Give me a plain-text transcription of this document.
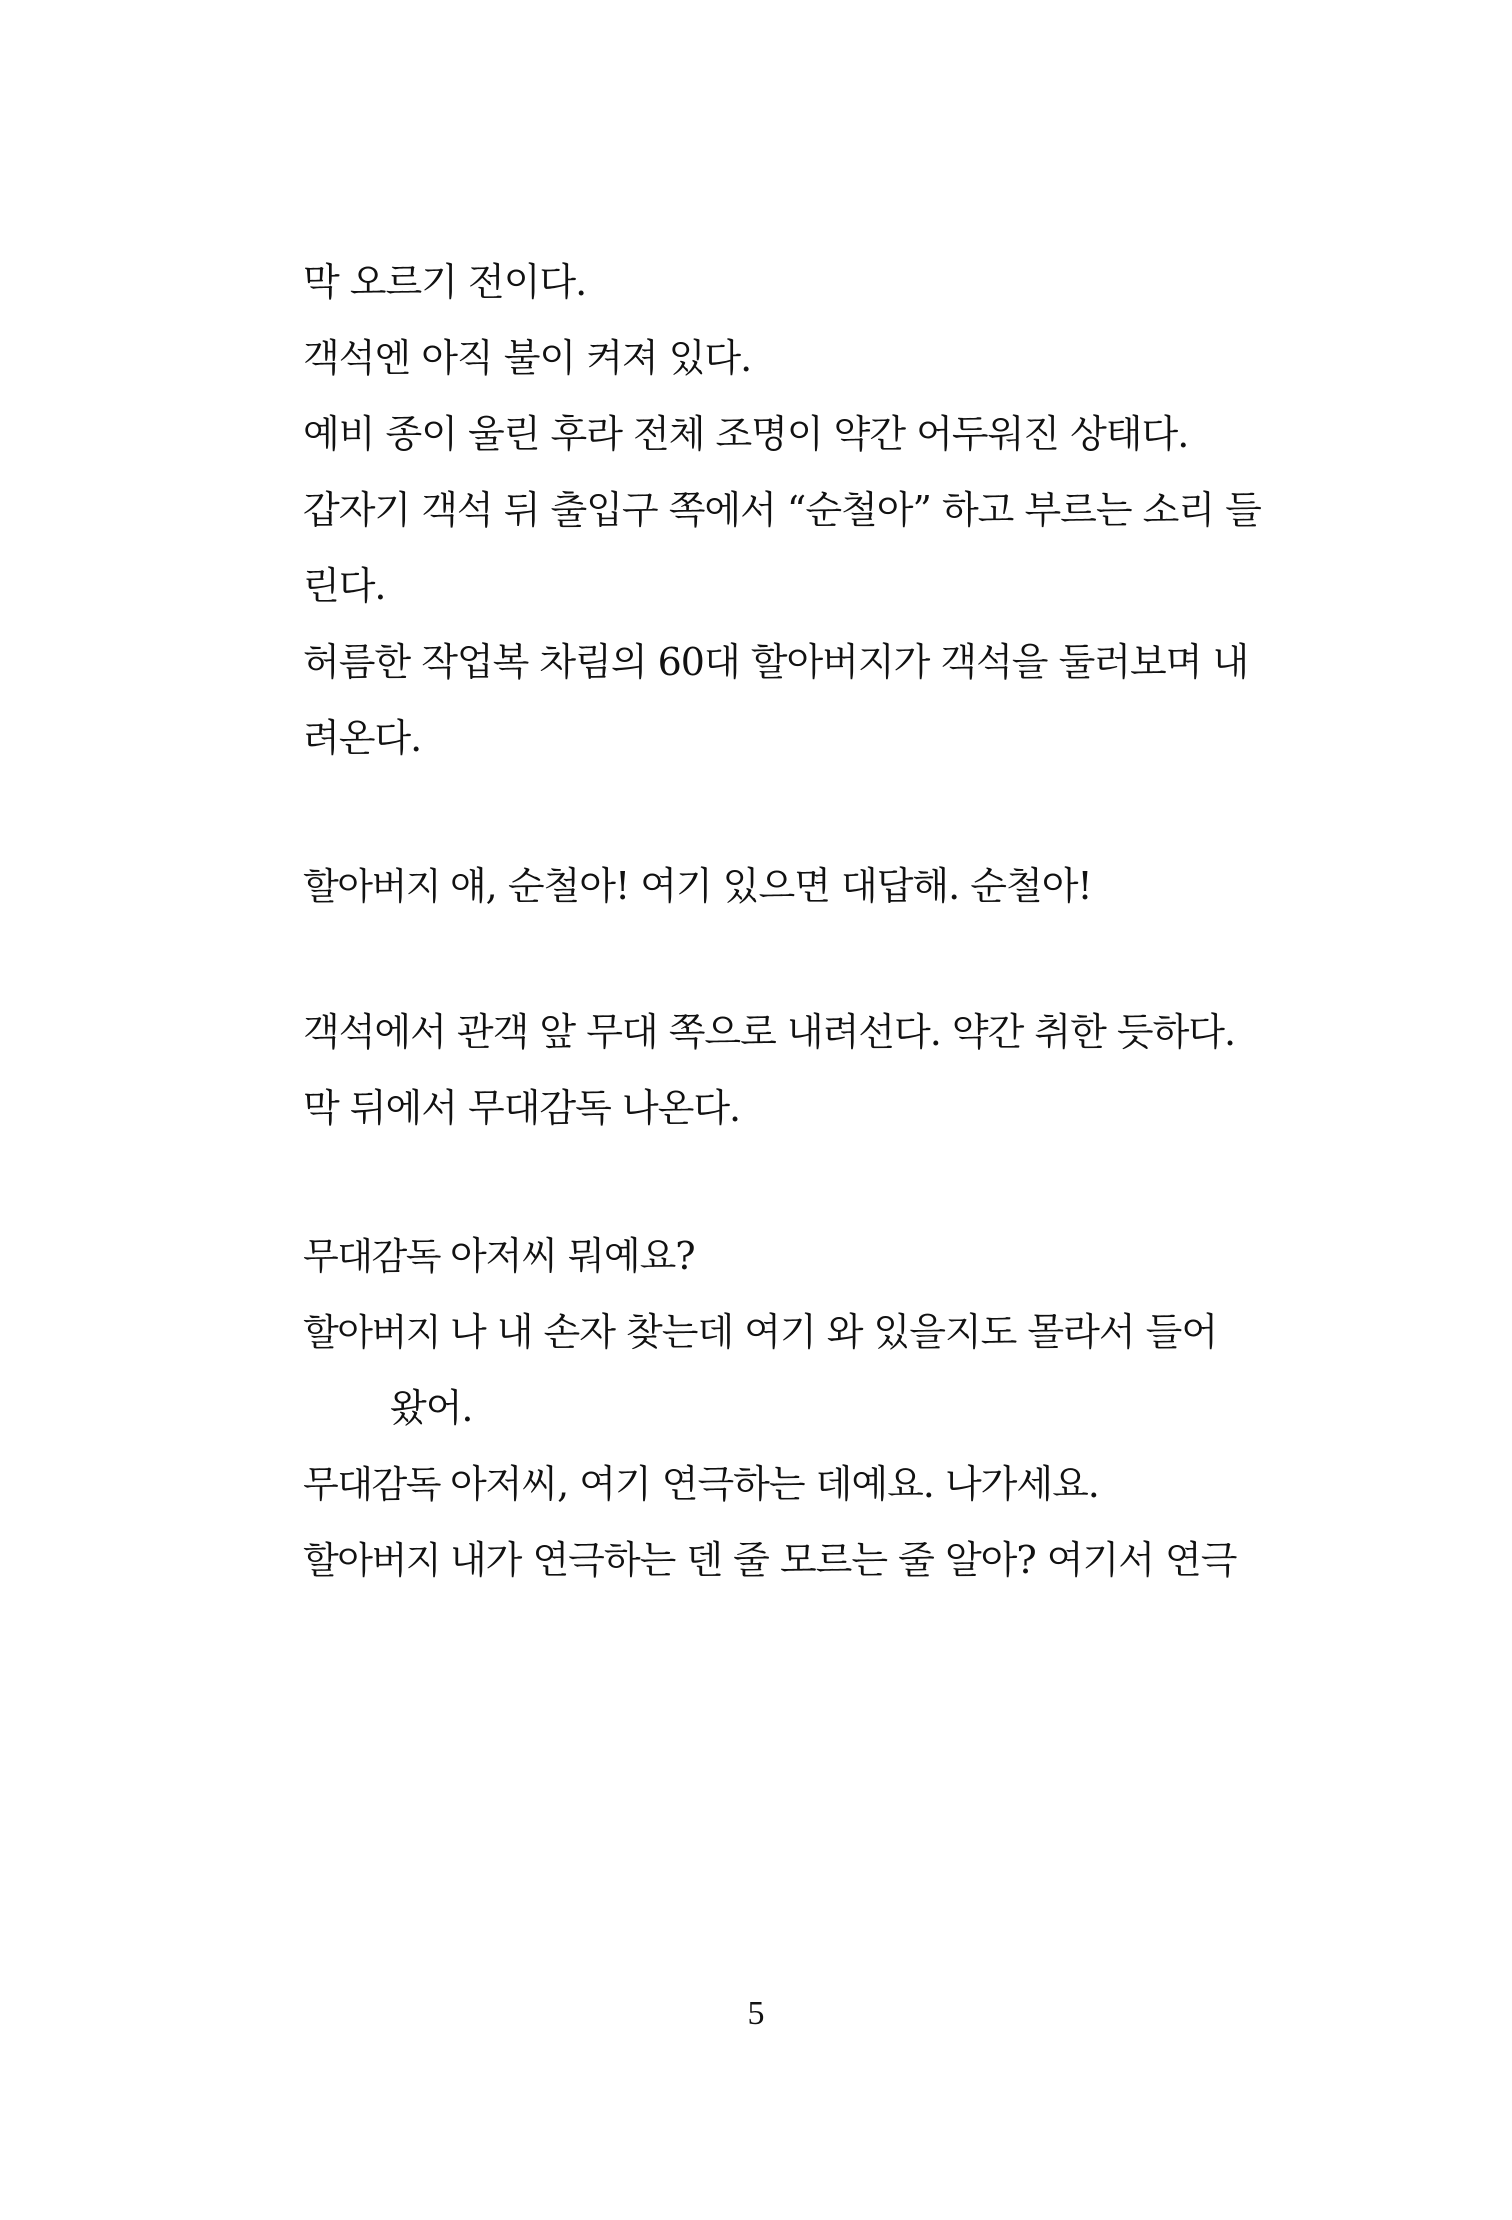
막 오르기 전이다.
객석엔 아직 불이 켜져 있다.
예비 종이 울린 후라 전체 조명이 약간 어두워진 상태다.
갑자기 객석 뒤 출입구 쪽에서 “순철아” 하고 부르는 소리 들
린다.
허름한 작업복 차림의 60대 할아버지가 객석을 둘러보며 내
려온다.
할아버지 얘, 순철아! 여기 있으면 대답해. 순철아!
객석에서 관객 앞 무대 쪽으로 내려선다. 약간 취한 듯하다.
막 뒤에서 무대감독 나온다.
무대감독 아저씨 뭐예요?
할아버지 나 내 손자 찾는데 여기 와 있을지도 몰라서 들어
왔어.
무대감독 아저씨, 여기 연극하는 데예요. 나가세요.
할아버지 내가 연극하는 덴 줄 모르는 줄 알아? 여기서 연극
5
